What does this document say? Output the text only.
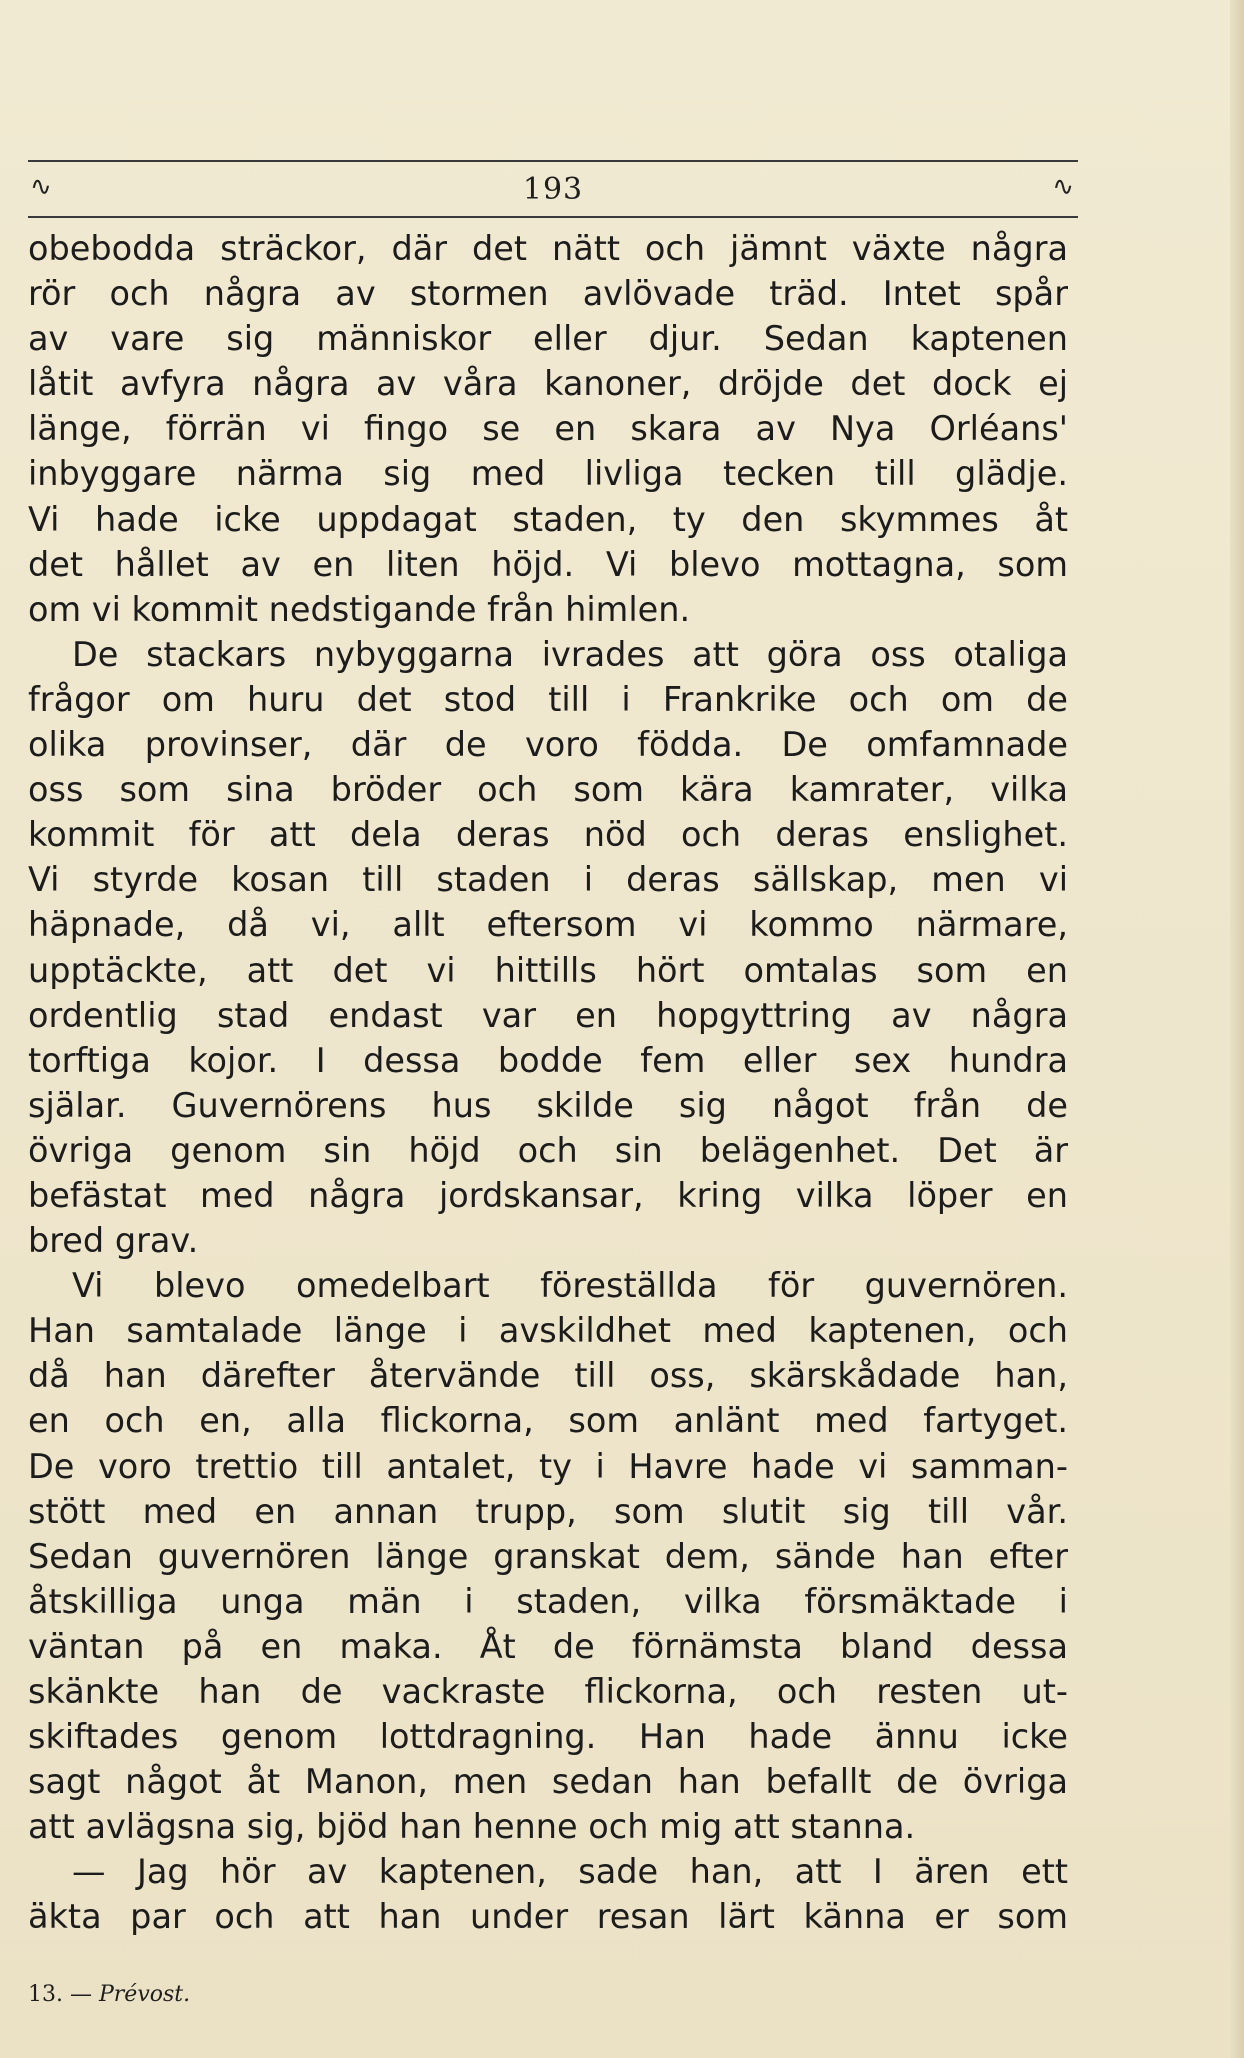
∿	193	∿
obebodda sträckor, där det nätt och jämnt växte några
rör och några av stormen avlövade träd. Intet spår
av vare sig människor eller djur. Sedan kaptenen
låtit avfyra några av våra kanoner, dröjde det dock ej
länge, förrän vi fingo se en skara av Nya Orléans'
inbyggare närma sig med livliga tecken till glädje.
Vi hade icke uppdagat staden, ty den skymmes åt
det hållet av en liten höjd. Vi blevo mottagna, som
om vi kommit nedstigande från himlen.
De stackars nybyggarna ivrades att göra oss otaliga
frågor om huru det stod till i Frankrike och om de
olika provinser, där de voro födda. De omfamnade
oss som sina bröder och som kära kamrater, vilka
kommit för att dela deras nöd och deras enslighet.
Vi styrde kosan till staden i deras sällskap, men vi
häpnade, då vi, allt eftersom vi kommo närmare,
upptäckte, att det vi hittills hört omtalas som en
ordentlig stad endast var en hopgyttring av några
torftiga kojor. I dessa bodde fem eller sex hundra
själar. Guvernörens hus skilde sig något från de
övriga genom sin höjd och sin belägenhet. Det är
befästat med några jordskansar, kring vilka löper en
bred grav.
Vi blevo omedelbart föreställda för guvernören.
Han samtalade länge i avskildhet med kaptenen, och
då han därefter återvände till oss, skärskådade han,
en och en, alla flickorna, som anlänt med fartyget.
De voro trettio till antalet, ty i Havre hade vi samman-
stött med en annan trupp, som slutit sig till vår.
Sedan guvernören länge granskat dem, sände han efter
åtskilliga unga män i staden, vilka försmäktade i
väntan på en maka. Åt de förnämsta bland dessa
skänkte han de vackraste flickorna, och resten ut-
skiftades genom lottdragning. Han hade ännu icke
sagt något åt Manon, men sedan han befallt de övriga
att avlägsna sig, bjöd han henne och mig att stanna.
— Jag hör av kaptenen, sade han, att I ären ett
äkta par och att han under resan lärt känna er som
13. — Prévost.
